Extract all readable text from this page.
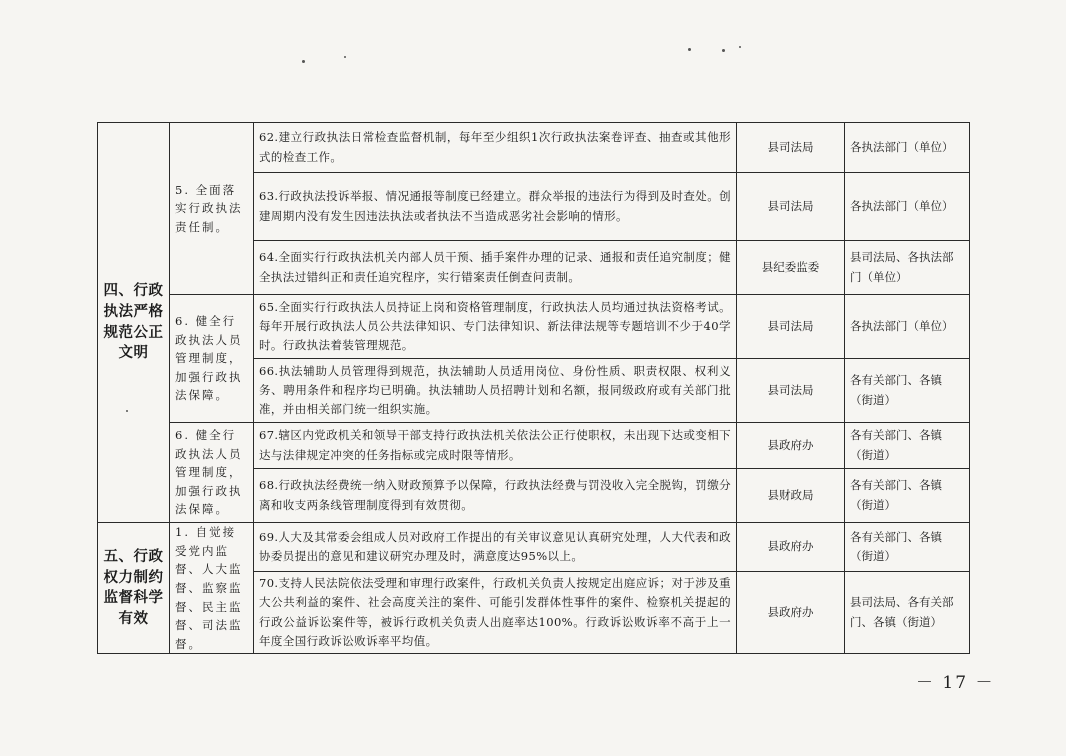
四、行政执法严格规范公正文明	5. 全面落实行政执法责任制。	62.建立行政执法日常检查监督机制，每年至少组织1次行政执法案卷评查、抽查或其他形式的检查工作。	县司法局	各执法部门（单位）
		63.行政执法投诉举报、情况通报等制度已经建立。群众举报的违法行为得到及时查处。创建周期内没有发生因违法执法或者执法不当造成恶劣社会影响的情形。	县司法局	各执法部门（单位）
		64.全面实行行政执法机关内部人员干预、插手案件办理的记录、通报和责任追究制度；健全执法过错纠正和责任追究程序，实行错案责任倒查问责制。	县纪委监委	县司法局、各执法部门（单位）
	6. 健全行政执法人员管理制度，加强行政执法保障。	65.全面实行行政执法人员持证上岗和资格管理制度，行政执法人员均通过执法资格考试。每年开展行政执法人员公共法律知识、专门法律知识、新法律法规等专题培训不少于40学时。行政执法着装管理规范。	县司法局	各执法部门（单位）
		66.执法辅助人员管理得到规范，执法辅助人员适用岗位、身份性质、职责权限、权利义务、聘用条件和程序均已明确。执法辅助人员招聘计划和名额，报同级政府或有关部门批准，并由相关部门统一组织实施。	县司法局	各有关部门、各镇（街道）
	6. 健全行政执法人员管理制度，加强行政执法保障。	67.辖区内党政机关和领导干部支持行政执法机关依法公正行使职权，未出现下达或变相下达与法律规定冲突的任务指标或完成时限等情形。	县政府办	各有关部门、各镇（街道）
		68.行政执法经费统一纳入财政预算予以保障，行政执法经费与罚没收入完全脱钩，罚缴分离和收支两条线管理制度得到有效贯彻。	县财政局	各有关部门、各镇（街道）
五、行政权力制约监督科学有效	1. 自觉接受党内监督、人大监督、监察监督、民主监督、司法监督。	69.人大及其常委会组成人员对政府工作提出的有关审议意见认真研究处理，人大代表和政协委员提出的意见和建议研究办理及时，满意度达95%以上。	县政府办	各有关部门、各镇（街道）
		70.支持人民法院依法受理和审理行政案件，行政机关负责人按规定出庭应诉；对于涉及重大公共利益的案件、社会高度关注的案件、可能引发群体性事件的案件、检察机关提起的行政公益诉讼案件等，被诉行政机关负责人出庭率达100%。行政诉讼败诉率不高于上一年度全国行政诉讼败诉率平均值。	县政府办	县司法局、各有关部门、各镇（街道）
－ 17 －
